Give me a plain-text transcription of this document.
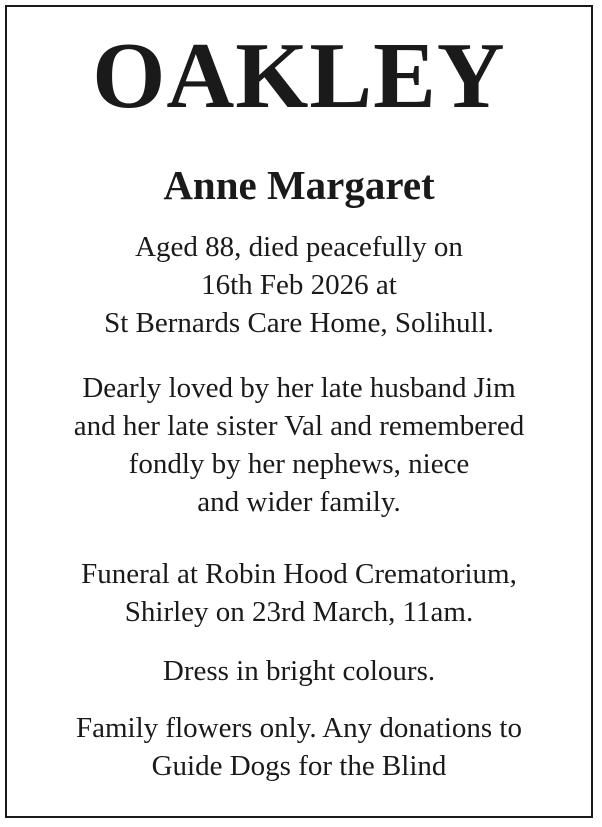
OAKLEY
Anne Margaret
Aged 88, died peacefully on
16th Feb 2026 at
St Bernards Care Home, Solihull.
Dearly loved by her late husband Jim
and her late sister Val and remembered
fondly by her nephews, niece
and wider family.
Funeral at Robin Hood Crematorium,
Shirley on 23rd March, 11am.
Dress in bright colours.
Family flowers only. Any donations to
Guide Dogs for the Blind
